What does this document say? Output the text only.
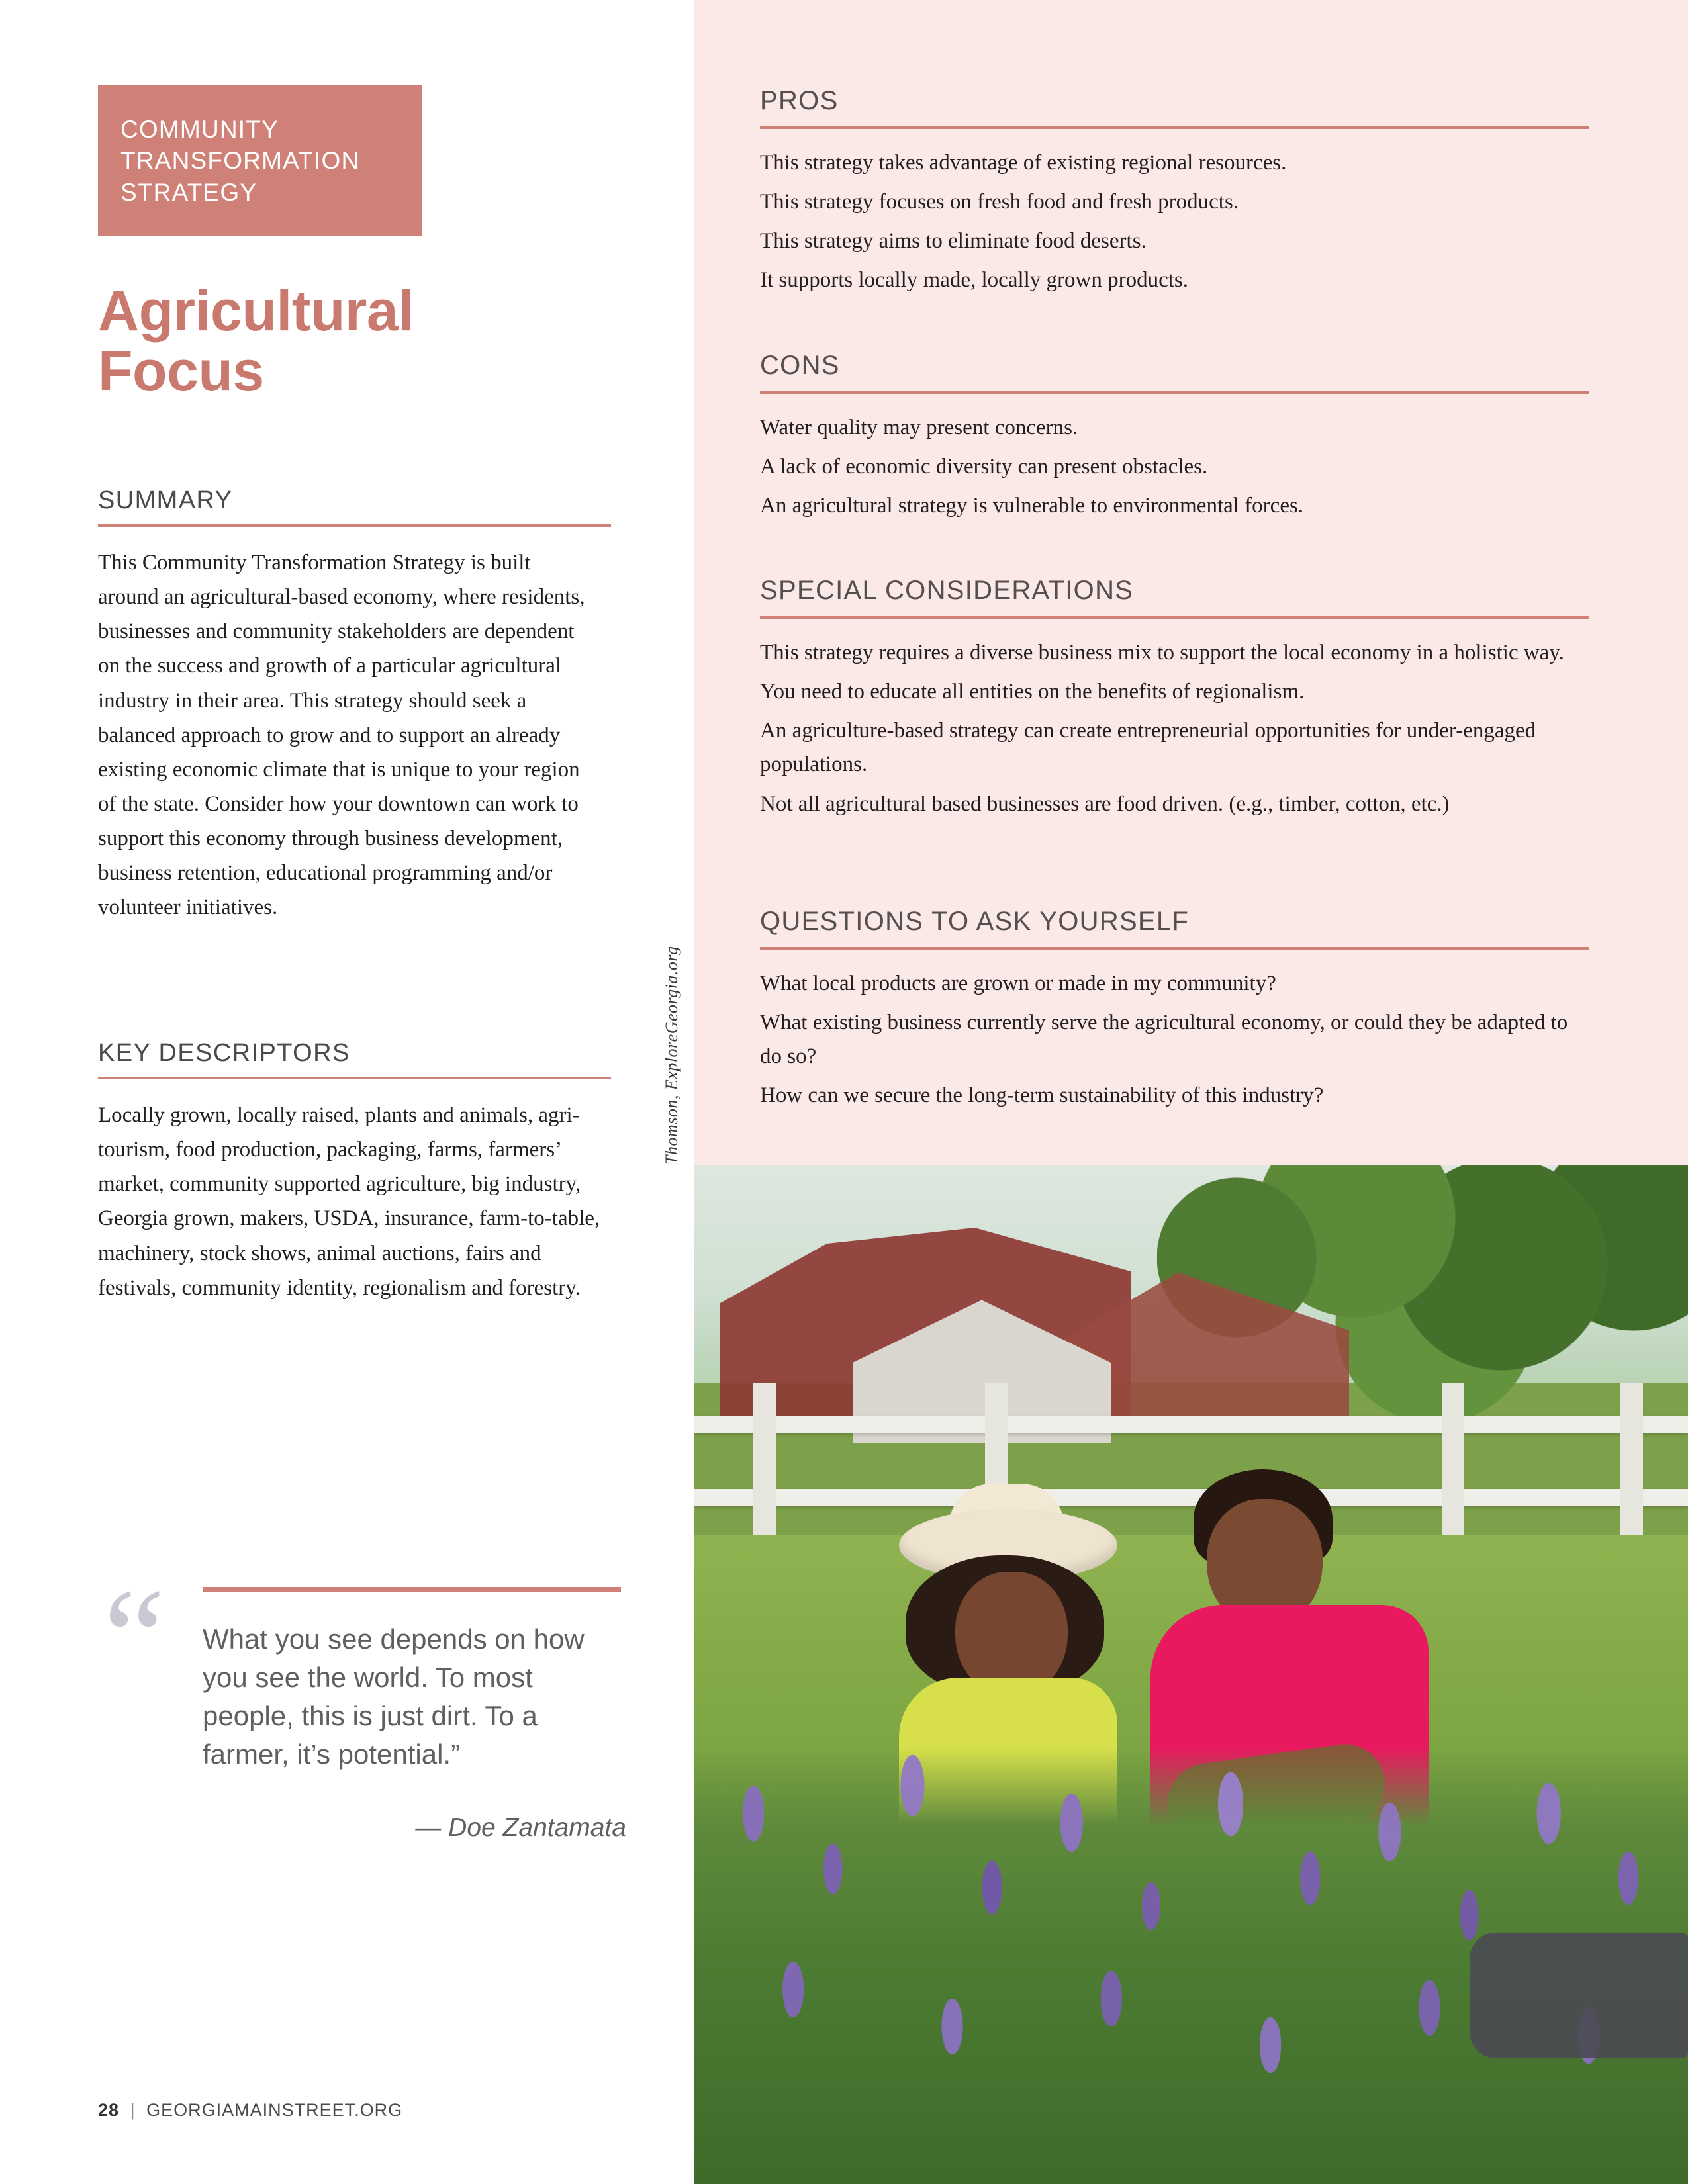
COMMUNITY
TRANSFORMATION
STRATEGY
Agricultural
Focus
SUMMARY
This Community Transformation Strategy is built around an agricultural-based economy, where residents, businesses and community stakeholders are dependent on the success and growth of a particular agricultural industry in their area. This strategy should seek a balanced approach to grow and to support an already existing economic climate that is unique to your region of the state. Consider how your downtown can work to support this economy through business development, business retention, educational programming and/or volunteer initiatives.
KEY DESCRIPTORS
Locally grown, locally raised, plants and animals, agri-tourism, food production, packaging, farms, farmers’ market, community supported agriculture, big industry, Georgia grown, makers, USDA, insurance, farm-to-table, machinery, stock shows, animal auctions, fairs and festivals, community identity, regionalism and forestry.
“ What you see depends on how you see the world. To most people, this is just dirt. To a farmer, it’s potential.”
— Doe Zantamata
28 | GEORGIAMAINSTREET.ORG
PROS

This strategy takes advantage of existing regional resources.

This strategy focuses on fresh food and fresh products.

This strategy aims to eliminate food deserts.

It supports locally made, locally grown products.

CONS

Water quality may present concerns.

A lack of economic diversity can present obstacles.

An agricultural strategy is vulnerable to environmental forces.

SPECIAL CONSIDERATIONS

This strategy requires a diverse business mix to support the local economy in a holistic way.

You need to educate all entities on the benefits of regionalism.

An agriculture-based strategy can create entrepreneurial opportunities for under-engaged populations.

Not all agricultural based businesses are food driven. (e.g., timber, cotton, etc.)

QUESTIONS TO ASK YOURSELF

What local products are grown or made in my community?

What existing business currently serve the agricultural economy, or could they be adapted to do so?

How can we secure the long-term sustainability of this industry?

Thomson, ExploreGeorgia.org
